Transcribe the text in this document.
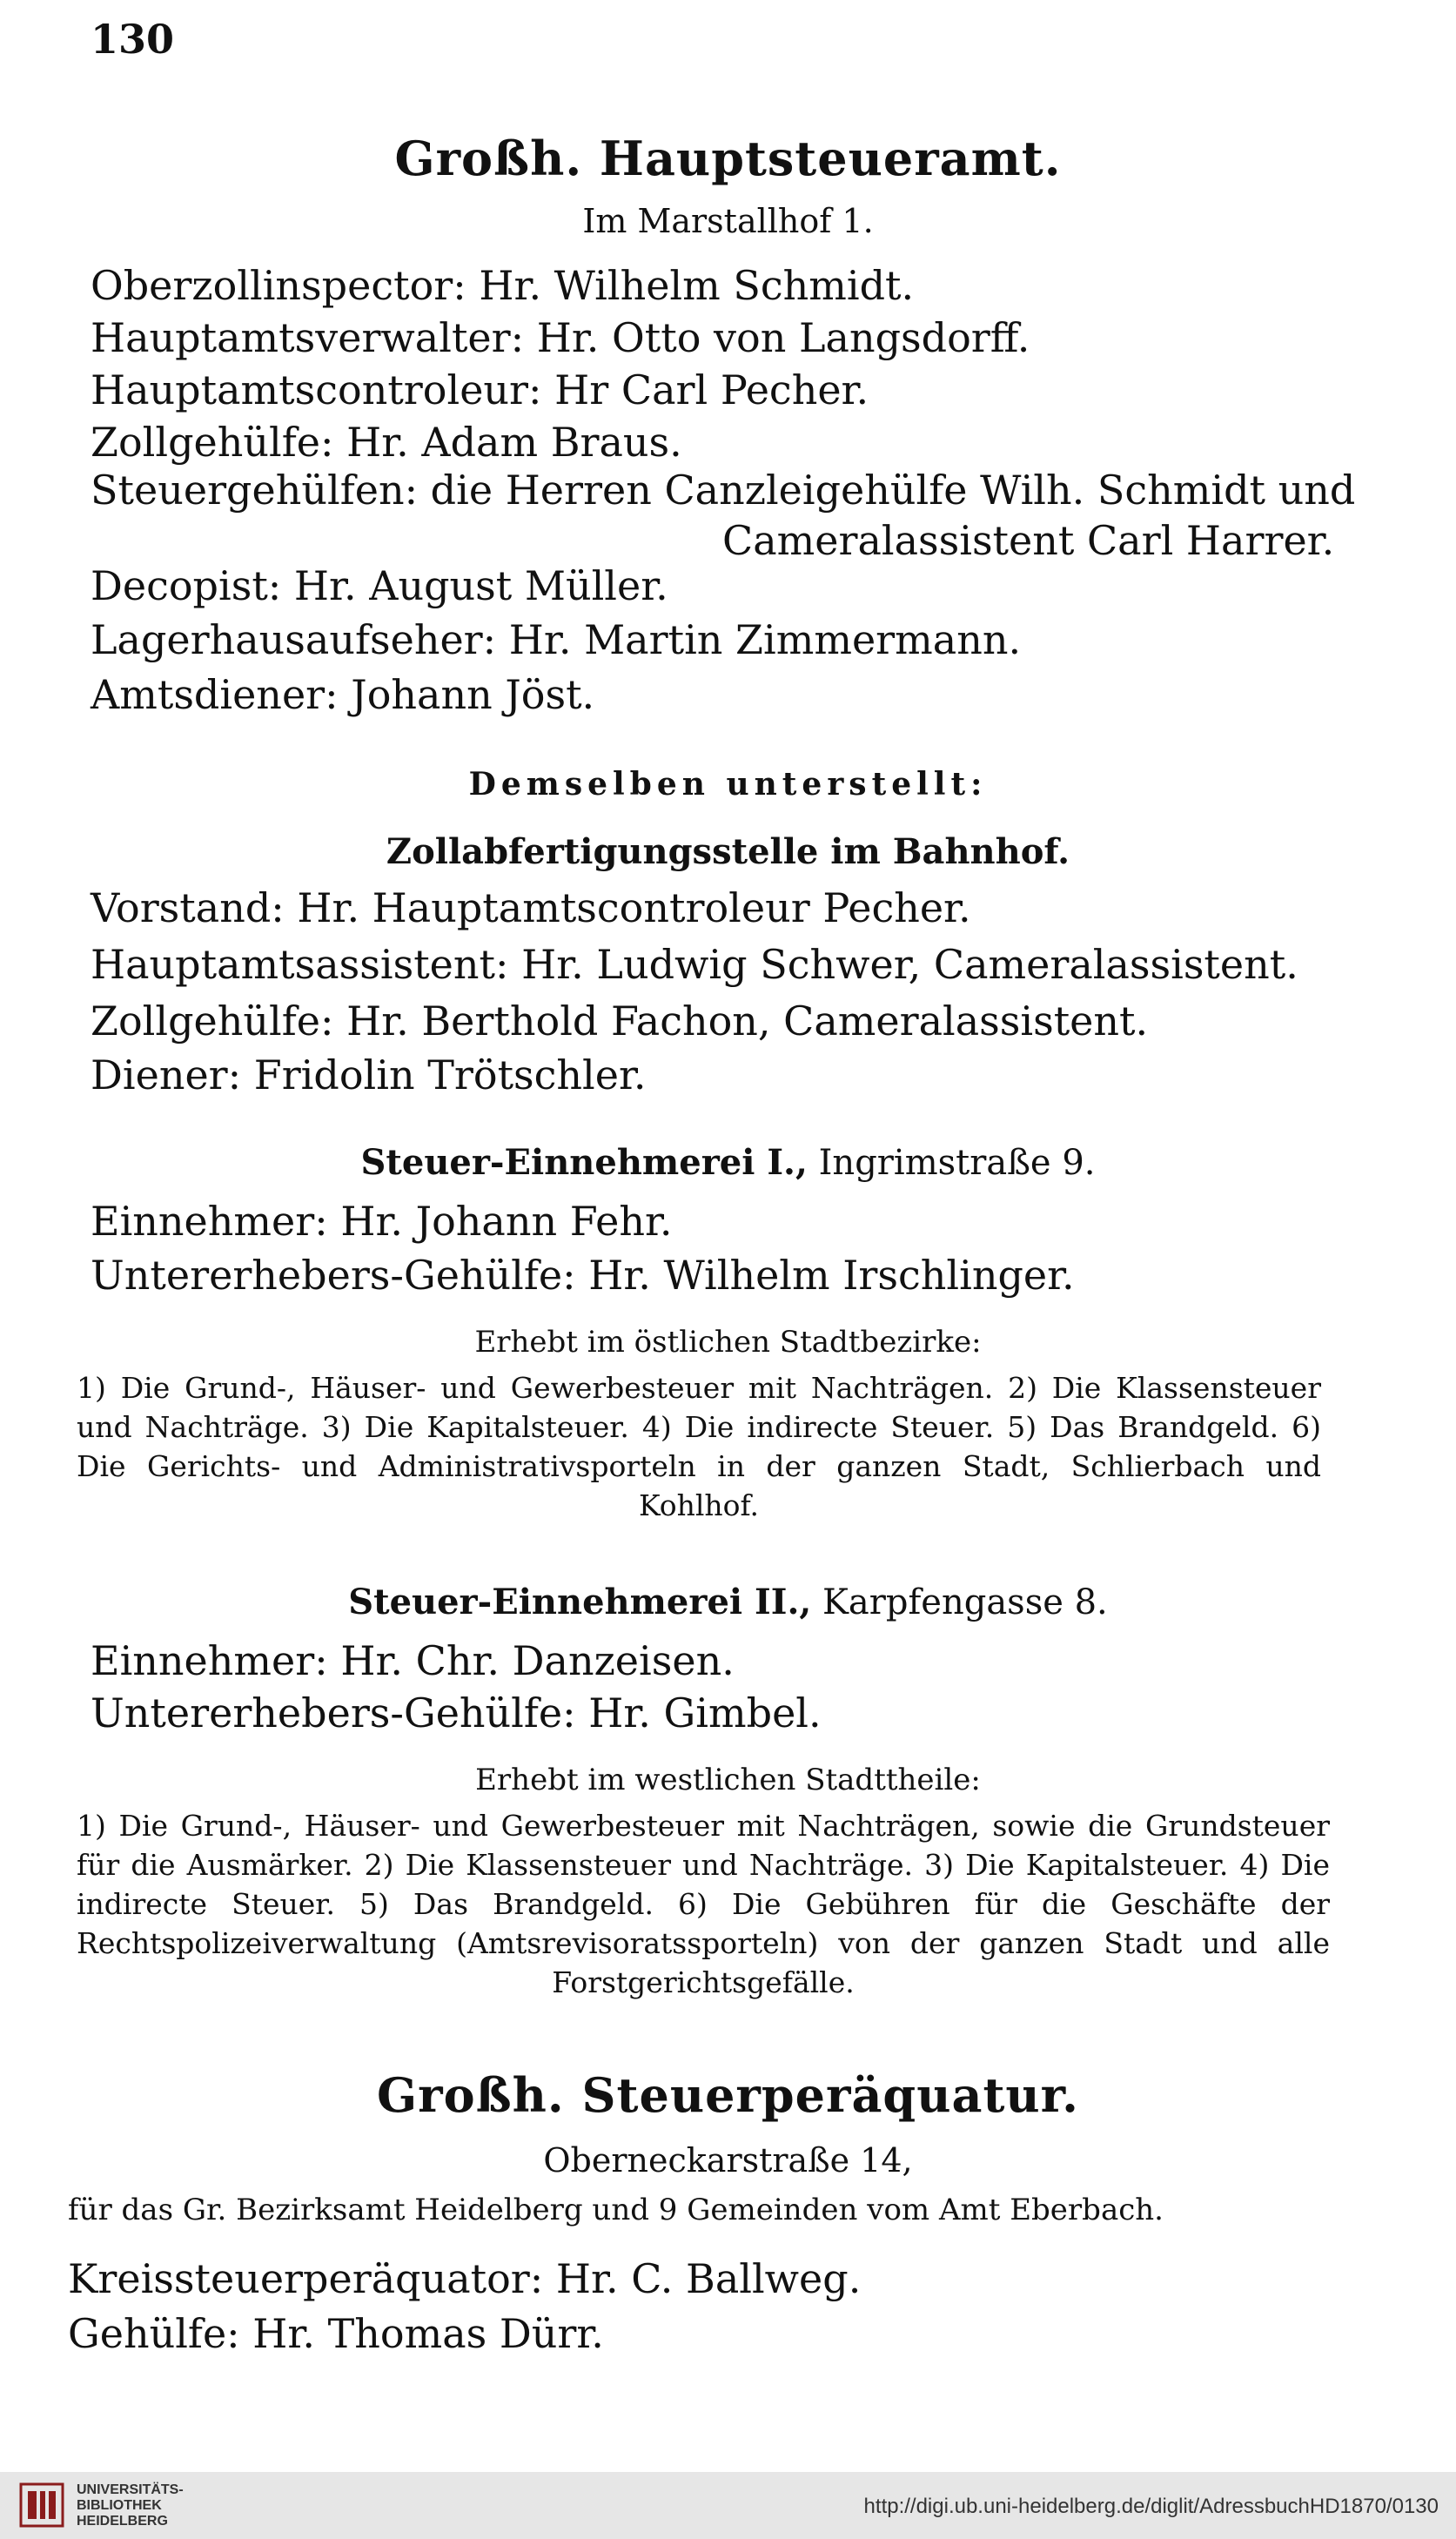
130
Großh. Hauptsteueramt.
Im Marstallhof 1.
Oberzollinspector: Hr. Wilhelm Schmidt.
Hauptamtsverwalter: Hr. Otto von Langsdorff.
Hauptamtscontroleur: Hr Carl Pecher.
Zollgehülfe: Hr. Adam Braus.
Steuergehülfen: die Herren Canzleigehülfe Wilh. Schmidt und
Cameralassistent Carl Harrer.
Decopist: Hr. August Müller.
Lagerhausaufseher: Hr. Martin Zimmermann.
Amtsdiener: Johann Jöst.
Demselben unterstellt:
Zollabfertigungsstelle im Bahnhof.
Vorstand: Hr. Hauptamtscontroleur Pecher.
Hauptamtsassistent: Hr. Ludwig Schwer, Cameralassistent.
Zollgehülfe: Hr. Berthold Fachon, Cameralassistent.
Diener: Fridolin Trötschler.
Steuer-Einnehmerei I., Ingrimstraße 9.
Einnehmer: Hr. Johann Fehr.
Untererhebers-Gehülfe: Hr. Wilhelm Irschlinger.
Erhebt im östlichen Stadtbezirke:
1) Die Grund-, Häuser- und Gewerbesteuer mit Nachträgen. 2) Die Klassensteuer und Nachträge. 3) Die Kapitalsteuer. 4) Die indirecte Steuer. 5) Das Brandgeld. 6) Die Gerichts- und Administrativsporteln in der ganzen Stadt, Schlierbach und Kohlhof.
Steuer-Einnehmerei II., Karpfengasse 8.
Einnehmer: Hr. Chr. Danzeisen.
Untererhebers-Gehülfe: Hr. Gimbel.
Erhebt im westlichen Stadttheile:
1) Die Grund-, Häuser- und Gewerbesteuer mit Nachträgen, sowie die Grundsteuer für die Ausmärker. 2) Die Klassensteuer und Nachträge. 3) Die Kapitalsteuer. 4) Die indirecte Steuer. 5) Das Brandgeld. 6) Die Gebühren für die Geschäfte der Rechtspolizeiverwaltung (Amtsrevisoratssporteln) von der ganzen Stadt und alle Forstgerichtsgefälle.
Großh. Steuerperäquatur.
Oberneckarstraße 14,
für das Gr. Bezirksamt Heidelberg und 9 Gemeinden vom Amt Eberbach.
Kreissteuerperäquator: Hr. C. Ballweg.
Gehülfe: Hr. Thomas Dürr.
UNIVERSITÄTS-
BIBLIOTHEK
HEIDELBERG
http://digi.ub.uni-heidelberg.de/diglit/AdressbuchHD1870/0130
